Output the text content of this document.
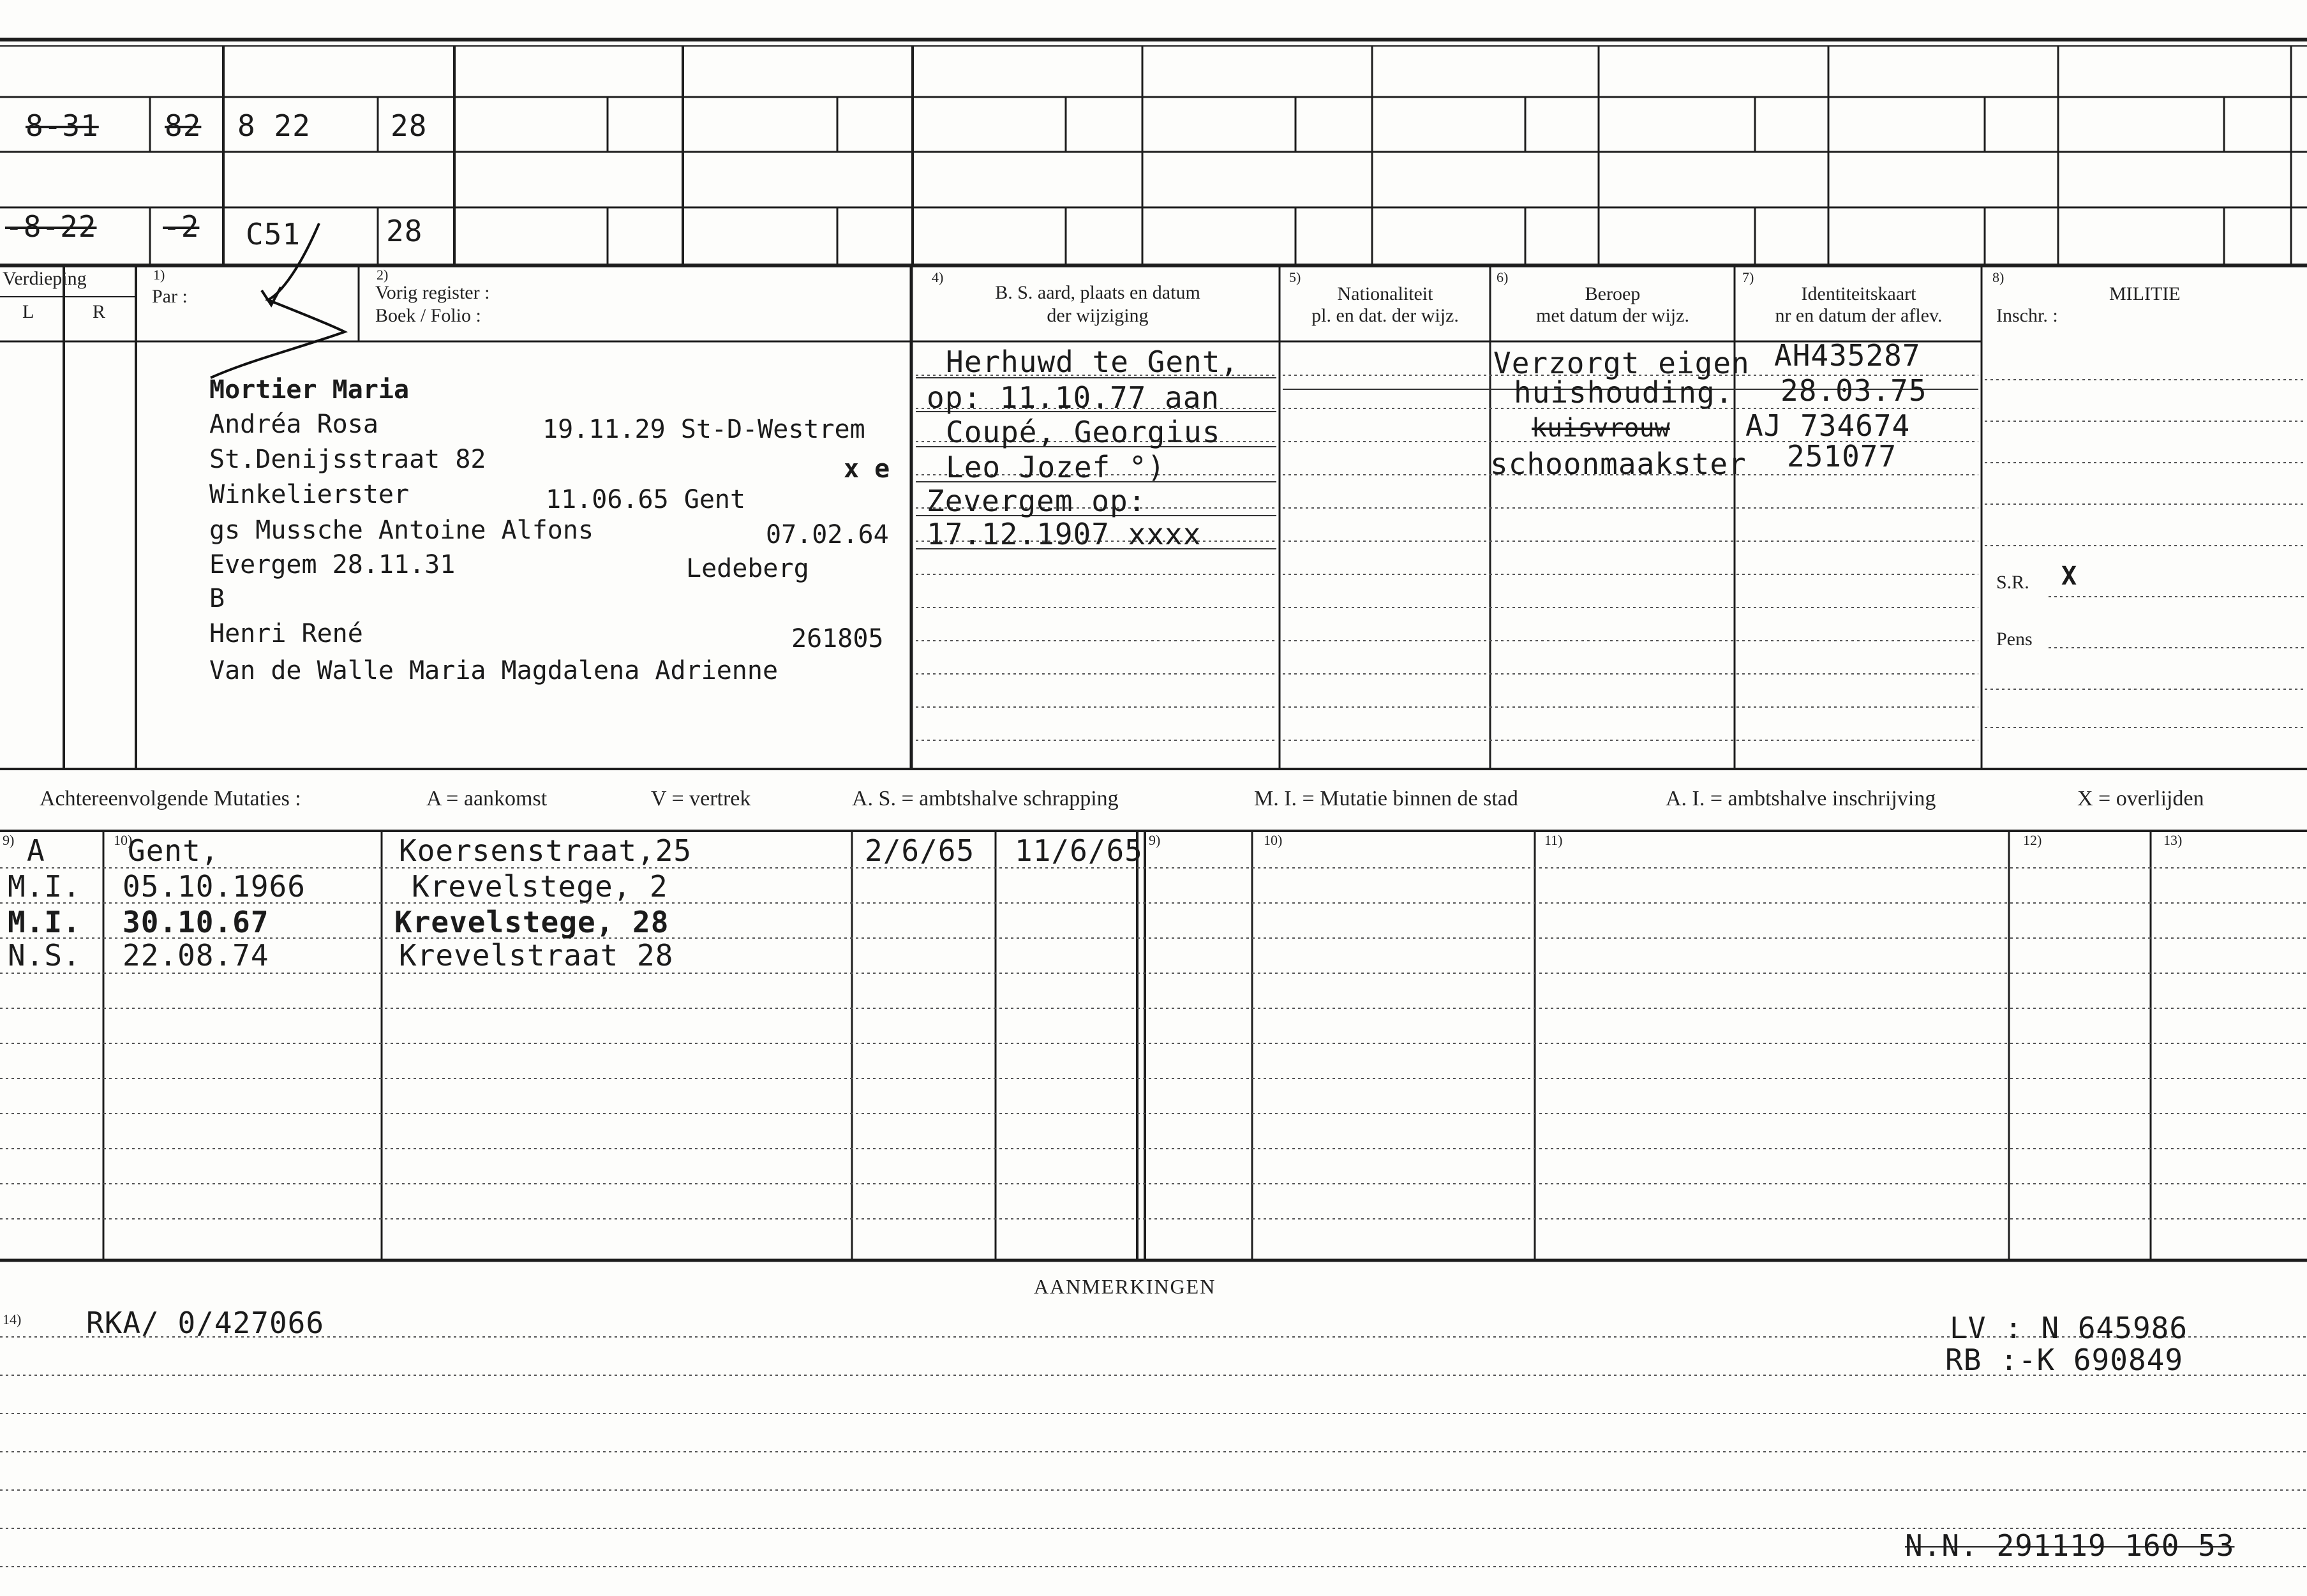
8-31 82 8 22	28
-8-22 -2 C51	28
Verdieping
L	R
1)
Par :
2)
Vorig register :
Boek / Folio :
4)
B. S. aard, plaats en datum
der wijziging
5)
Nationaliteit
pl. en dat. der wijz.
6)
Beroep
met datum der wijz.
7)
Identiteitskaart
nr en datum der aflev.
8)
MILITIE
Inschr. :
S.R. X
Pens
Mortier Maria
Andréa Rosa	19.11.29 St-D-Westrem
St.Denijsstraat 82	x e
Winkelierster	11.06.65 Gent
gs Mussche Antoine Alfons	07.02.64
Evergem 28.11.31	Ledeberg
B
Henri René	261805
Van de Walle Maria Magdalena Adrienne
Herhuwd te Gent,
op: 11.10.77 aan
Coupé, Georgius
Leo Jozef °)
Zevergem op:
17.12.1907 xxxx
Verzorgt eigen
huishouding.
kuisvrouw
schoonmaakster
AH435287
28.03.75
AJ 734674
251077
Achtereenvolgende Mutaties :	A = aankomst	V = vertrek	A. S. = ambtshalve schrapping	M. I. = Mutatie binnen de stad	A. I. = ambtshalve inschrijving	X = overlijden
9)	10)	9)	10)	11)	12)	13)
A	Gent,	Koersenstraat,25	2/6/65 11/6/65
M.I. 05.10.1966	Krevelstege, 2
M.I. 30.10.67	Krevelstege, 28
N.S. 22.08.74	Krevelstraat 28
AANMERKINGEN
14) RKA/ 0/427066	LV : N 645986
RB :-K 690849
N.N. 291119 160 53
